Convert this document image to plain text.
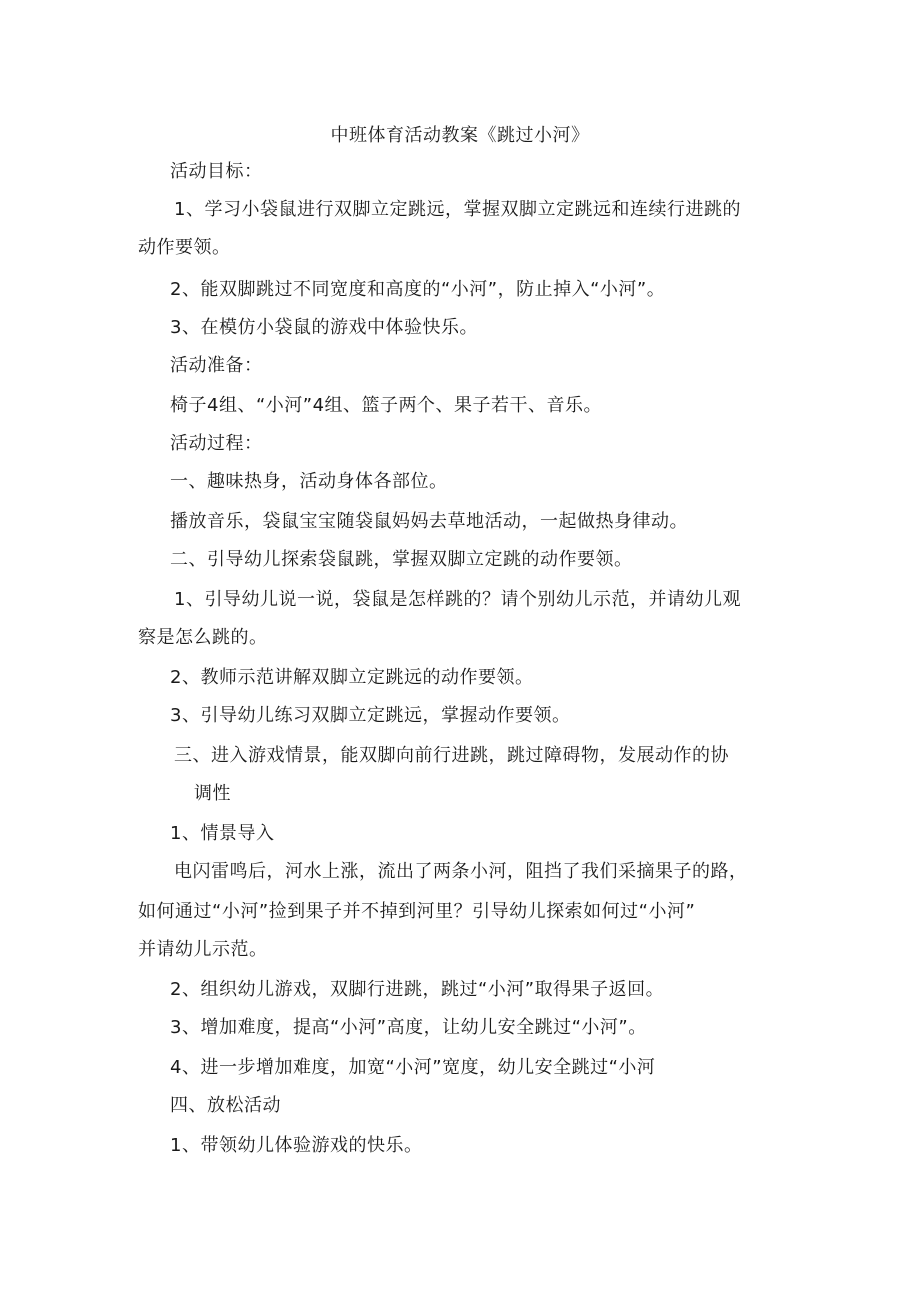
中班体育活动教案《跳过小河》
活动目标：
1、学习小袋鼠进行双脚立定跳远，掌握双脚立定跳远和连续行进跳的
动作要领。
2、能双脚跳过不同宽度和高度的“小河”，防止掉入“小河”。
3、在模仿小袋鼠的游戏中体验快乐。
活动准备：
椅子4组、“小河”4组、篮子两个、果子若干、音乐。
活动过程：
一、趣味热身，活动身体各部位。
播放音乐，袋鼠宝宝随袋鼠妈妈去草地活动，一起做热身律动。
二、引导幼儿探索袋鼠跳，掌握双脚立定跳的动作要领。
1、引导幼儿说一说，袋鼠是怎样跳的？请个别幼儿示范，并请幼儿观
察是怎么跳的。
2、教师示范讲解双脚立定跳远的动作要领。
3、引导幼儿练习双脚立定跳远，掌握动作要领。
三、进入游戏情景，能双脚向前行进跳，跳过障碍物，发展动作的协
调性
1、情景导入
电闪雷鸣后，河水上涨，流出了两条小河，阻挡了我们采摘果子的路，
如何通过“小河”捡到果子并不掉到河里？引导幼儿探索如何过“小河”
并请幼儿示范。
2、组织幼儿游戏，双脚行进跳，跳过“小河”取得果子返回。
3、增加难度，提高“小河”高度，让幼儿安全跳过“小河”。
4、进一步增加难度，加宽“小河”宽度，幼儿安全跳过“小河
四、放松活动
1、带领幼儿体验游戏的快乐。
